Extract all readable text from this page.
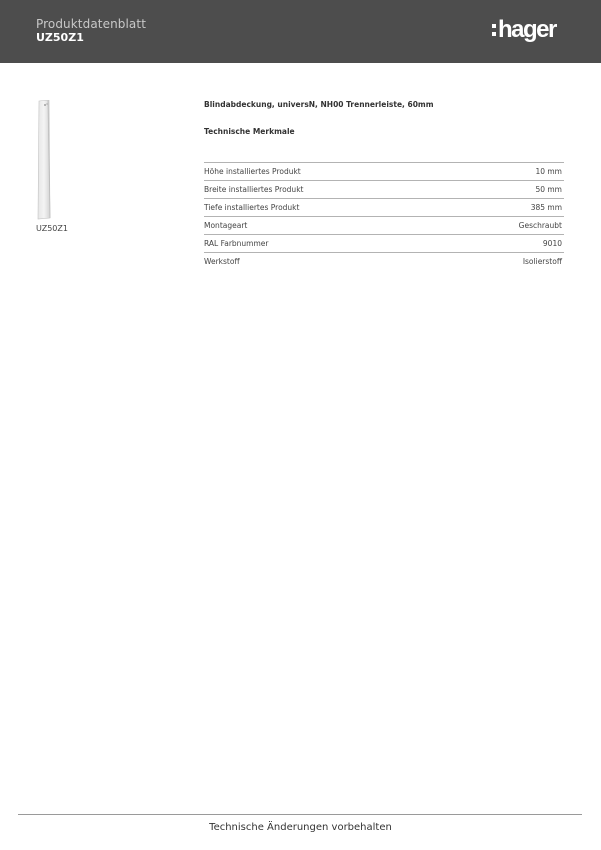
Produktdatenblatt
UZ50Z1	hager
UZ50Z1
Blindabdeckung, universN, NH00 Trennerleiste, 60mm
Technische Merkmale
Höhe installiertes Produkt	10 mm
Breite installiertes Produkt	50 mm
Tiefe installiertes Produkt	385 mm
Montageart	Geschraubt
RAL Farbnummer	9010
Werkstoff	Isolierstoff
Technische Änderungen vorbehalten
